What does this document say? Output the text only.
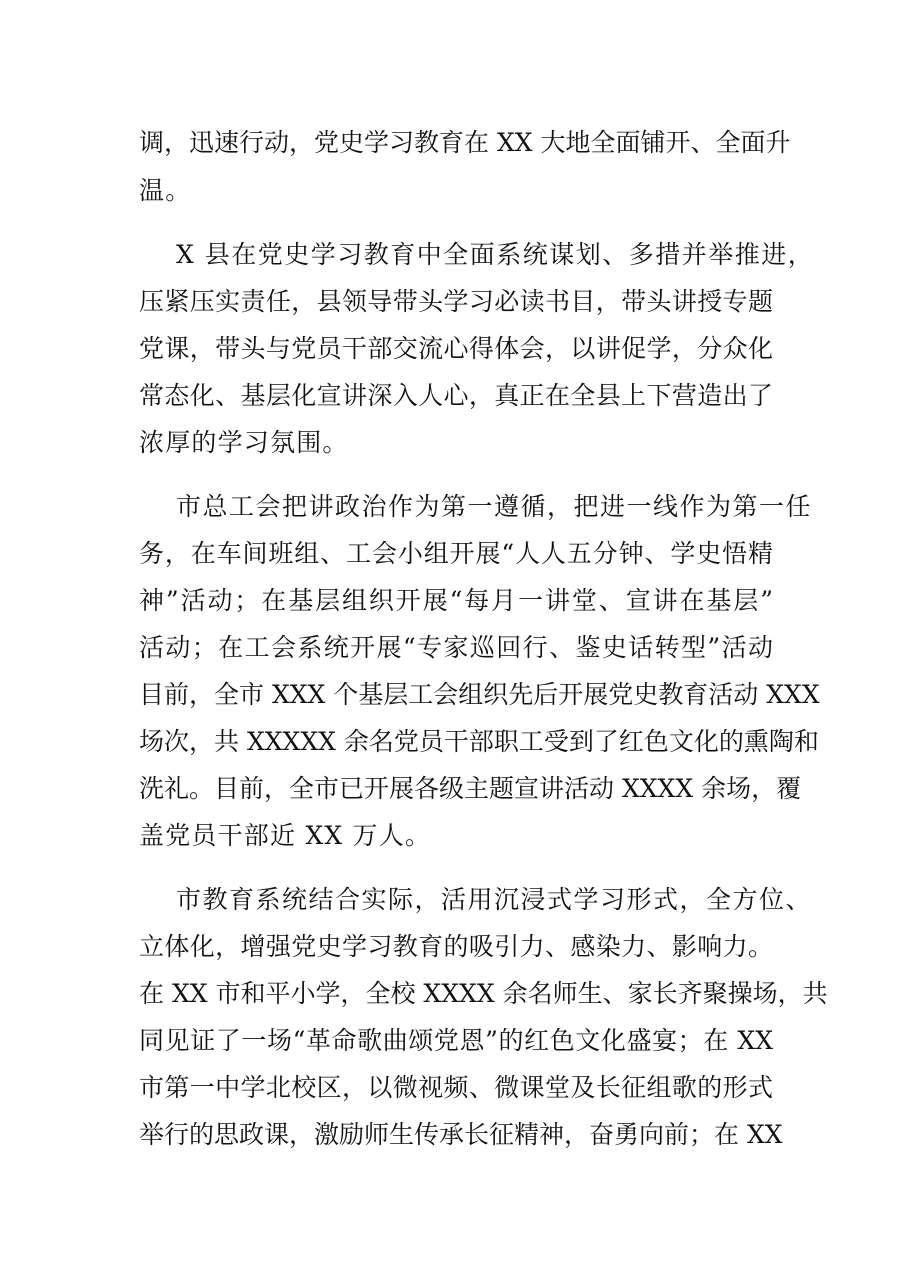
调，迅速行动，党史学习教育在 XX 大地全面铺开、全面升
温。
X 县在党史学习教育中全面系统谋划、多措并举推进，
压紧压实责任，县领导带头学习必读书目，带头讲授专题
党课，带头与党员干部交流心得体会，以讲促学，分众化
常态化、基层化宣讲深入人心，真正在全县上下营造出了
浓厚的学习氛围。
市总工会把讲政治作为第一遵循，把进一线作为第一任
务，在车间班组、工会小组开展“人人五分钟、学史悟精
神”活动；在基层组织开展“每月一讲堂、宣讲在基层”
活动；在工会系统开展“专家巡回行、鉴史话转型”活动
目前，全市 XXX 个基层工会组织先后开展党史教育活动 XXX
场次，共 XXXXX 余名党员干部职工受到了红色文化的熏陶和
洗礼。目前，全市已开展各级主题宣讲活动 XXXX 余场，覆
盖党员干部近 XX 万人。
市教育系统结合实际，活用沉浸式学习形式，全方位、
立体化，增强党史学习教育的吸引力、感染力、影响力。
在 XX 市和平小学，全校 XXXX 余名师生、家长齐聚操场，共
同见证了一场“革命歌曲颂党恩”的红色文化盛宴；在 XX
市第一中学北校区，以微视频、微课堂及长征组歌的形式
举行的思政课，激励师生传承长征精神，奋勇向前；在 XX
